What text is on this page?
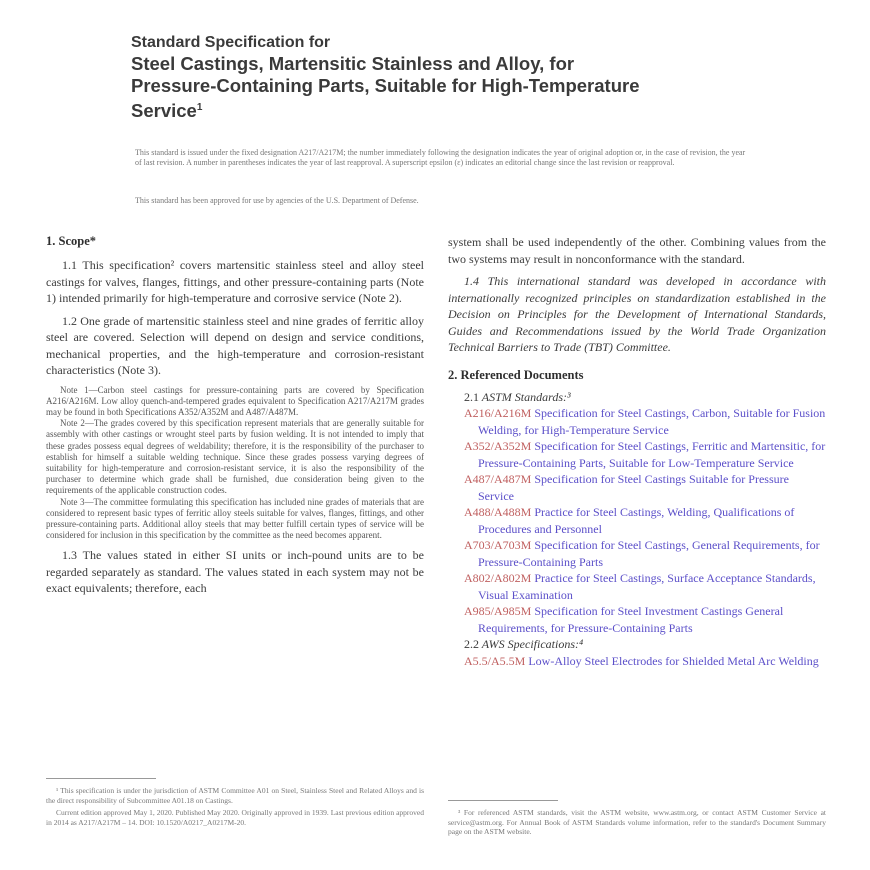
Standard Specification for
Steel Castings, Martensitic Stainless and Alloy, for
Pressure-Containing Parts, Suitable for High-Temperature
Service$^1$
This standard is issued under the fixed designation A217/A217M; the number immediately following the designation indicates the year of original adoption or, in the case of revision, the year of last revision. A number in parentheses indicates the year of last reapproval. A superscript epsilon (ε) indicates an editorial change since the last revision or reapproval.
This standard has been approved for use by agencies of the U.S. Department of Defense.
1. Scope*

1.1 This specification² covers martensitic stainless steel and alloy steel castings for valves, flanges, fittings, and other pressure-containing parts (Note 1) intended primarily for high-temperature and corrosive service (Note 2).

1.2 One grade of martensitic stainless steel and nine grades of ferritic alloy steel are covered. Selection will depend on design and service conditions, mechanical properties, and the high-temperature and corrosion-resistant characteristics (Note 3).

Note 1—Carbon steel castings for pressure-containing parts are covered by Specification A216/A216M. Low alloy quench-and-tempered grades equivalent to Specification A217/A217M grades may be found in both Specifications A352/A352M and A487/A487M.

Note 2—The grades covered by this specification represent materials that are generally suitable for assembly with other castings or wrought steel parts by fusion welding. It is not intended to imply that these grades possess equal degrees of weldability; therefore, it is the responsibility of the purchaser to establish for himself a suitable welding technique. Since these grades possess varying degrees of suitability for high-temperature and corrosion-resistant service, it is also the responsibility of the purchaser to determine which grade shall be furnished, due consideration being given to the requirements of the applicable construction codes.

Note 3—The committee formulating this specification has included nine grades of materials that are considered to represent basic types of ferritic alloy steels suitable for valves, flanges, fittings, and other pressure-containing parts. Additional alloy steels that may better fulfill certain types of service will be considered for inclusion in this specification by the committee as the need becomes apparent.

1.3 The values stated in either SI units or inch-pound units are to be regarded separately as standard. The values stated in each system may not be exact equivalents; therefore, each

¹ This specification is under the jurisdiction of ASTM Committee A01 on Steel, Stainless Steel and Related Alloys and is the direct responsibility of Subcommittee A01.18 on Castings.

Current edition approved May 1, 2020. Published May 2020. Originally approved in 1939. Last previous edition approved in 2014 as A217/A217M – 14. DOI: 10.1520/A0217_A0217M-20.

system shall be used independently of the other. Combining values from the two systems may result in nonconformance with the standard.

1.4 This international standard was developed in accordance with internationally recognized principles on standardization established in the Decision on Principles for the Development of International Standards, Guides and Recommendations issued by the World Trade Organization Technical Barriers to Trade (TBT) Committee.

2. Referenced Documents

2.1 ASTM Standards:³

A216/A216M Specification for Steel Castings, Carbon, Suitable for Fusion Welding, for High-Temperature Service

A352/A352M Specification for Steel Castings, Ferritic and Martensitic, for Pressure-Containing Parts, Suitable for Low-Temperature Service

A487/A487M Specification for Steel Castings Suitable for Pressure Service

A488/A488M Practice for Steel Castings, Welding, Qualifications of Procedures and Personnel

A703/A703M Specification for Steel Castings, General Requirements, for Pressure-Containing Parts

A802/A802M Practice for Steel Castings, Surface Acceptance Standards, Visual Examination

A985/A985M Specification for Steel Investment Castings General Requirements, for Pressure-Containing Parts

2.2 AWS Specifications:⁴

A5.5/A5.5M Low-Alloy Steel Electrodes for Shielded Metal Arc Welding

³ For referenced ASTM standards, visit the ASTM website, www.astm.org, or contact ASTM Customer Service at service@astm.org. For Annual Book of ASTM Standards volume information, refer to the standard's Document Summary page on the ASTM website.
